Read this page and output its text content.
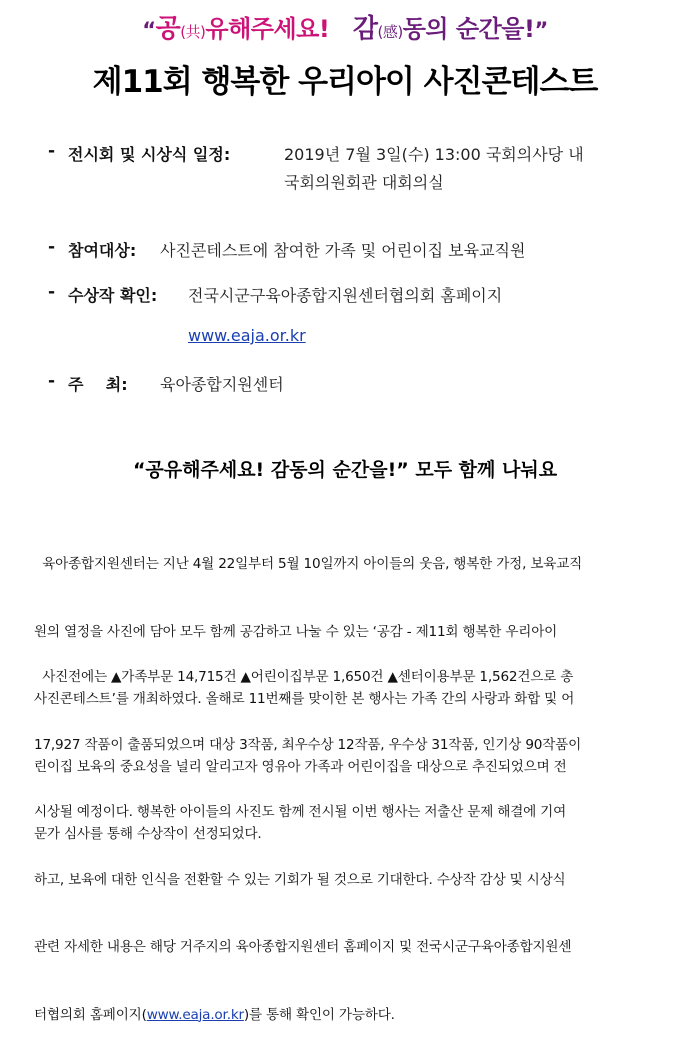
“공(共)유해주세요! 감(感)동의 순간을!”
제11회 행복한 우리아이 사진콘테스트
- 전시회 및 시상식 일정:	2019년 7월 3일(수) 13:00 국회의사당 내
국회의원회관 대회의실
- 참여대상: 사진콘테스트에 참여한 가족 및 어린이집 보육교직원
- 수상작 확인: 전국시군구육아종합지원센터협의회 홈페이지
www.eaja.or.kr
- 주    최: 육아종합지원센터
“공유해주세요! 감동의 순간을!” 모두 함께 나눠요

육아종합지원센터는 지난 4월 22일부터 5월 10일까지 아이들의 웃음, 행복한 가정, 보육교직

원의 열정을 사진에 담아 모두 함께 공감하고 나눌 수 있는 ‘공감 - 제11회 행복한 우리아이

사진콘테스트’를 개최하였다. 올해로 11번째를 맞이한 본 행사는 가족 간의 사랑과 화합 및 어

린이집 보육의 중요성을 널리 알리고자 영유아 가족과 어린이집을 대상으로 추진되었으며 전

문가 심사를 통해 수상작이 선정되었다.

사진전에는 ▲가족부문 14,715건 ▲어린이집부문 1,650건 ▲센터이용부문 1,562건으로 총

17,927 작품이 출품되었으며 대상 3작품, 최우수상 12작품, 우수상 31작품, 인기상 90작품이

시상될 예정이다. 행복한 아이들의 사진도 함께 전시될 이번 행사는 저출산 문제 해결에 기여

하고, 보육에 대한 인식을 전환할 수 있는 기회가 될 것으로 기대한다. 수상작 감상 및 시상식

관련 자세한 내용은 해당 거주지의 육아종합지원센터 홈페이지 및 전국시군구육아종합지원센

터협의회 홈페이지(www.eaja.or.kr)를 통해 확인이 가능하다.
